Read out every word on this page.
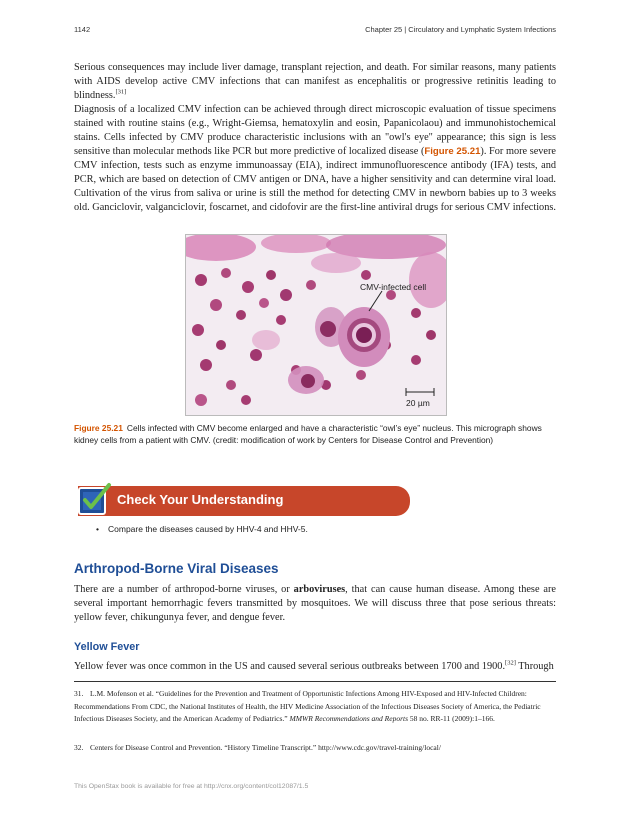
1142	Chapter 25 | Circulatory and Lymphatic System Infections

Serious consequences may include liver damage, transplant rejection, and death. For similar reasons, many patients with AIDS develop active CMV infections that can manifest as encephalitis or progressive retinitis leading to blindness.[31]

Diagnosis of a localized CMV infection can be achieved through direct microscopic evaluation of tissue specimens stained with routine stains (e.g., Wright-Giemsa, hematoxylin and eosin, Papanicolaou) and immunohistochemical stains. Cells infected by CMV produce characteristic inclusions with an "owl's eye" appearance; this sign is less sensitive than molecular methods like PCR but more predictive of localized disease (Figure 25.21). For more severe CMV infection, tests such as enzyme immunoassay (EIA), indirect immunofluorescence antibody (IFA) tests, and PCR, which are based on detection of CMV antigen or DNA, have a higher sensitivity and can determine viral load. Cultivation of the virus from saliva or urine is still the method for detecting CMV in newborn babies up to 3 weeks old. Ganciclovir, valganciclovir, foscarnet, and cidofovir are the first-line antiviral drugs for serious CMV infections.

CMV-infected cell
20 µm

Figure 25.21 Cells infected with CMV become enlarged and have a characteristic “owl’s eye” nucleus. This micrograph shows kidney cells from a patient with CMV. (credit: modification of work by Centers for Disease Control and Prevention)

Check Your Understanding
• Compare the diseases caused by HHV-4 and HHV-5.
Arthropod-Borne Viral Diseases

There are a number of arthropod-borne viruses, or arboviruses, that can cause human disease. Among these are several important hemorrhagic fevers transmitted by mosquitoes. We will discuss three that pose serious threats: yellow fever, chikungunya fever, and dengue fever.

Yellow Fever

Yellow fever was once common in the US and caused several serious outbreaks between 1700 and 1900.[32] Through

31. L.M. Mofenson et al. “Guidelines for the Prevention and Treatment of Opportunistic Infections Among HIV-Exposed and HIV-Infected Children: Recommendations From CDC, the National Institutes of Health, the HIV Medicine Association of the Infectious Diseases Society of America, the Pediatric Infectious Diseases Society, and the American Academy of Pediatrics.” MMWR Recommendations and Reports 58 no. RR-11 (2009):1–166.

32. Centers for Disease Control and Prevention. “History Timeline Transcript.” http://www.cdc.gov/travel-training/local/

This OpenStax book is available for free at http://cnx.org/content/col12087/1.5
